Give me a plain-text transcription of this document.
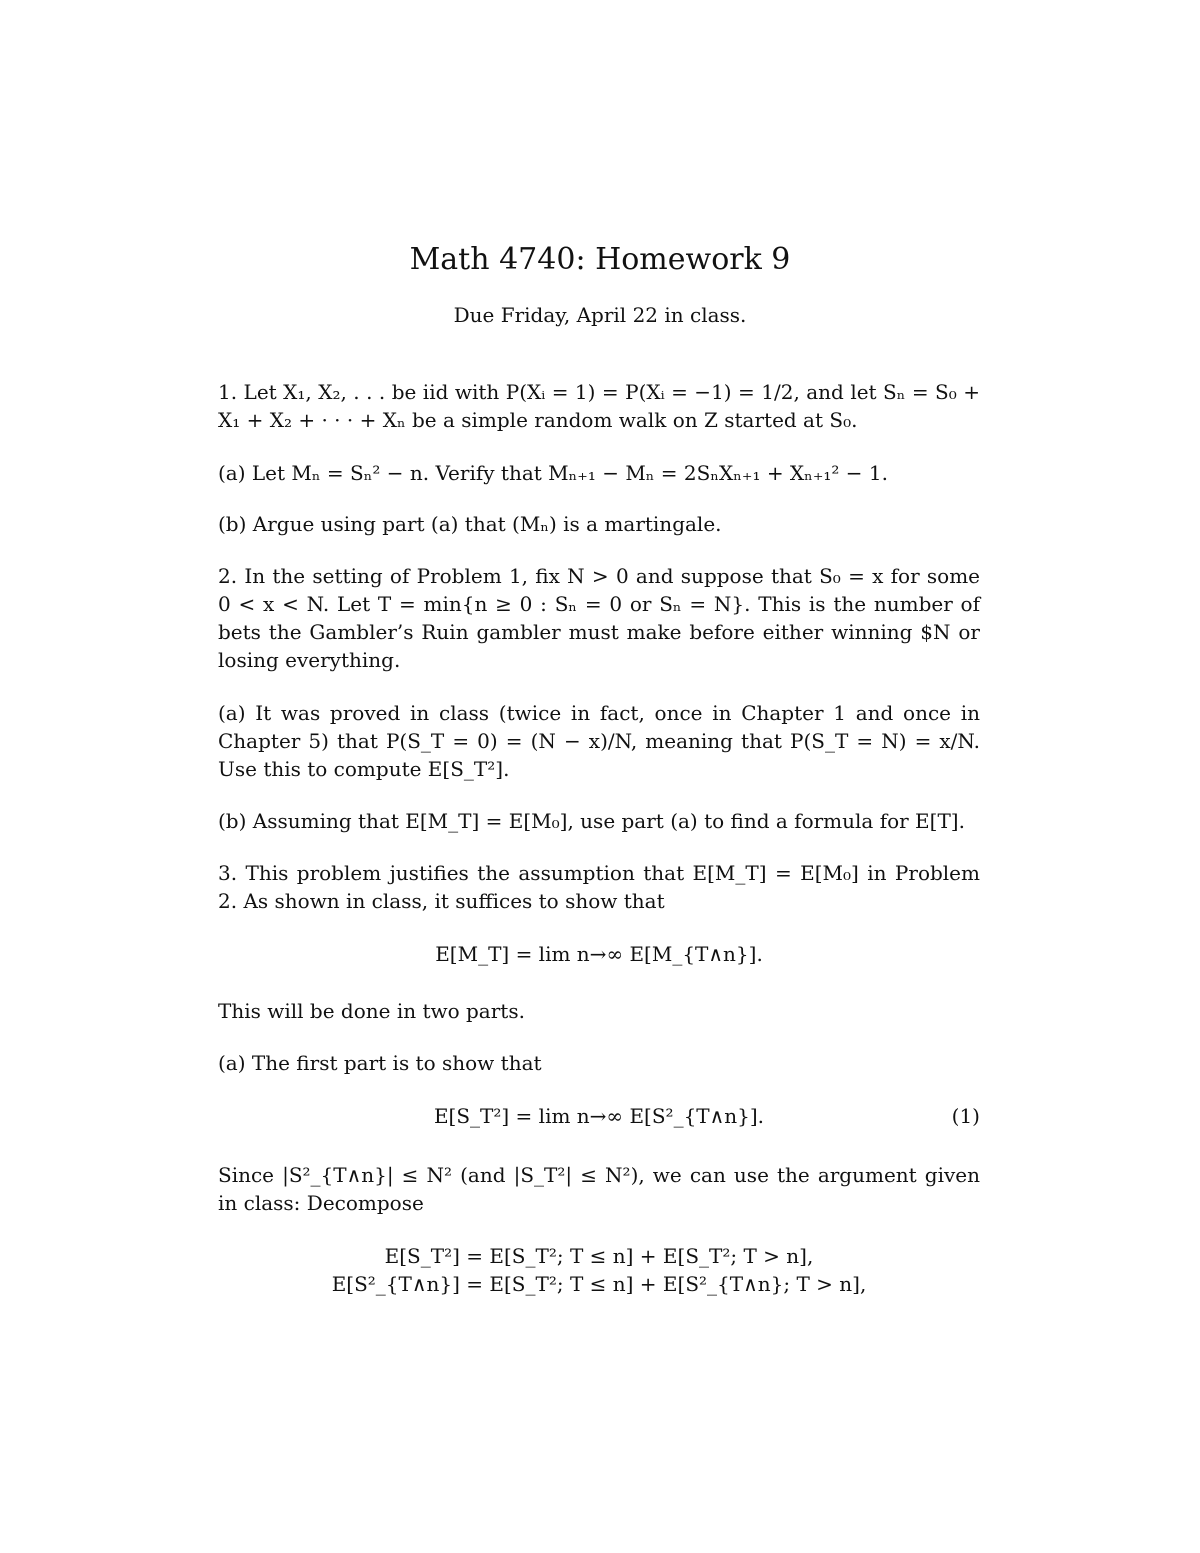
Math 4740: Homework 9
Due Friday, April 22 in class.
1. Let X₁, X₂, . . . be iid with P(Xᵢ = 1) = P(Xᵢ = −1) = 1/2, and let Sₙ = S₀ + X₁ + X₂ + · · · + Xₙ be a simple random walk on Z started at S₀.
(a) Let Mₙ = Sₙ² − n. Verify that Mₙ₊₁ − Mₙ = 2SₙXₙ₊₁ + Xₙ₊₁² − 1.
(b) Argue using part (a) that (Mₙ) is a martingale.
2. In the setting of Problem 1, fix N > 0 and suppose that S₀ = x for some 0 < x < N. Let T = min{n ≥ 0 : Sₙ = 0 or Sₙ = N}. This is the number of bets the Gambler’s Ruin gambler must make before either winning $N or losing everything.
(a) It was proved in class (twice in fact, once in Chapter 1 and once in Chapter 5) that P(S_T = 0) = (N − x)/N, meaning that P(S_T = N) = x/N. Use this to compute E[S_T²].
(b) Assuming that E[M_T] = E[M₀], use part (a) to find a formula for E[T].
3. This problem justifies the assumption that E[M_T] = E[M₀] in Problem 2. As shown in class, it suffices to show that
E[M_T] = lim n→∞ E[M_{T∧n}].
This will be done in two parts.
(a) The first part is to show that
E[S_T²] = lim n→∞ E[S²_{T∧n}].	(1)
Since |S²_{T∧n}| ≤ N² (and |S_T²| ≤ N²), we can use the argument given in class: Decompose
E[S_T²] = E[S_T²; T ≤ n] + E[S_T²; T > n],
E[S²_{T∧n}] = E[S_T²; T ≤ n] + E[S²_{T∧n}; T > n],
